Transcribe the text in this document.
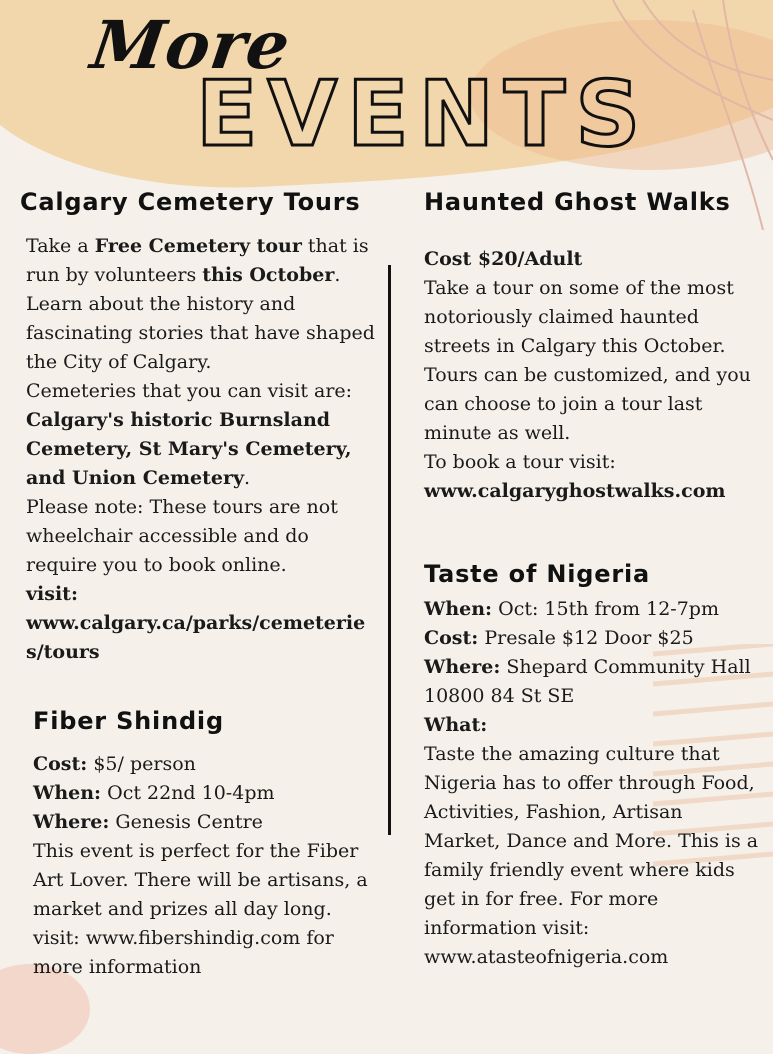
More
EVENTS
Calgary Cemetery Tours
Take a Free Cemetery tour that is run by volunteers this October. Learn about the history and fascinating stories that have shaped the City of Calgary.
Cemeteries that you can visit are: Calgary's historic Burnsland Cemetery, St Mary's Cemetery, and Union Cemetery.
Please note: These tours are not wheelchair accessible and do require you to book online.
visit:
www.calgary.ca/parks/cemeteries/tours
Fiber Shindig
Cost: $5/ person
When: Oct 22nd 10-4pm
Where: Genesis Centre
This event is perfect for the Fiber Art Lover. There will be artisans, a market and prizes all day long.
visit: www.fibershindig.com for more information
Haunted Ghost Walks
Cost $20/Adult
Take a tour on some of the most notoriously claimed haunted streets in Calgary this October. Tours can be customized, and you can choose to join a tour last minute as well.
To book a tour visit:
www.calgaryghostwalks.com
Taste of Nigeria
When: Oct: 15th from 12-7pm
Cost: Presale $12 Door $25
Where: Shepard Community Hall 10800 84 St SE
What:
Taste the amazing culture that Nigeria has to offer through Food, Activities, Fashion, Artisan Market, Dance and More. This is a family friendly event where kids get in for free. For more information visit:
www.atasteofnigeria.com
